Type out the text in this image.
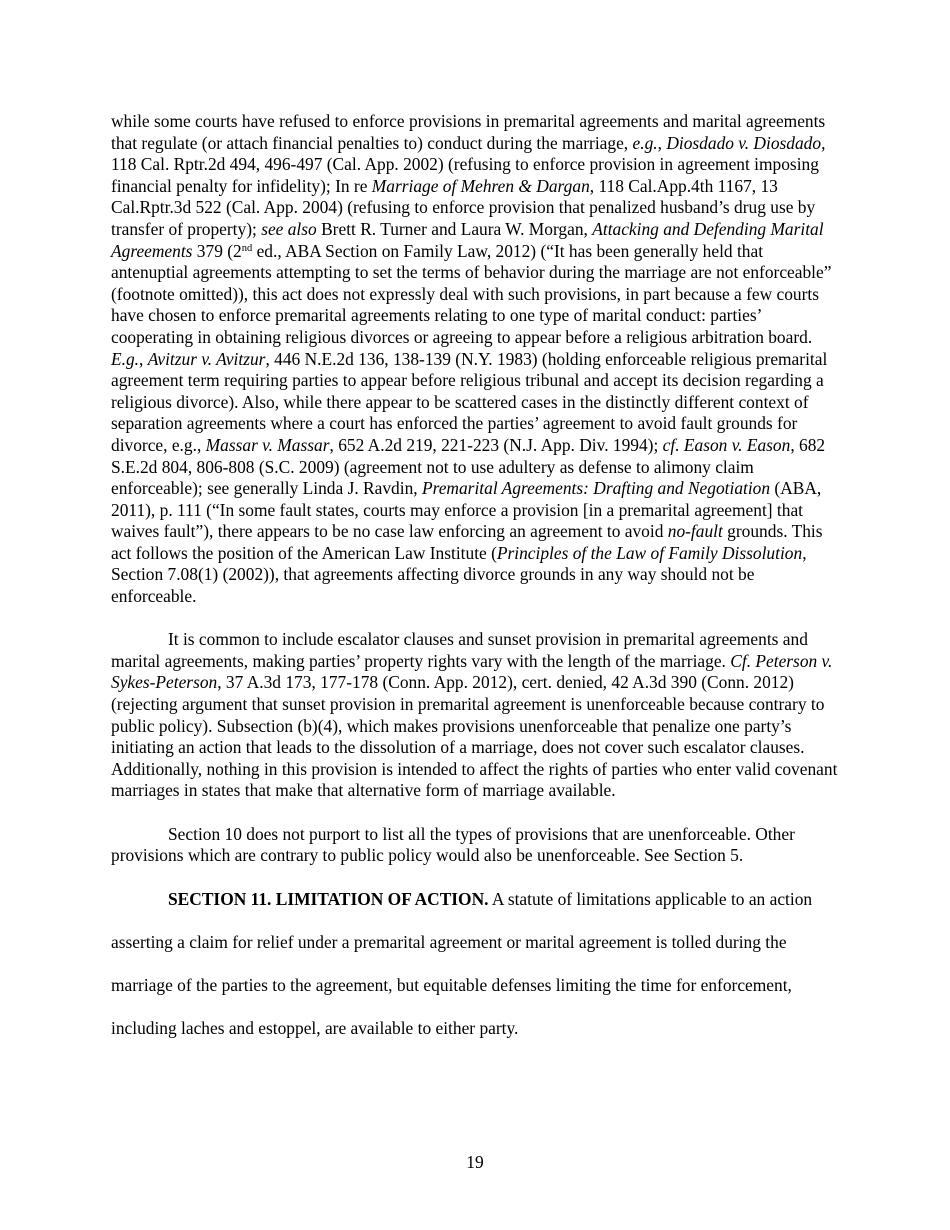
while some courts have refused to enforce provisions in premarital agreements and marital agreements that regulate (or attach financial penalties to) conduct during the marriage, e.g., Diosdado v. Diosdado, 118 Cal. Rptr.2d 494, 496-497 (Cal. App. 2002) (refusing to enforce provision in agreement imposing financial penalty for infidelity); In re Marriage of Mehren & Dargan, 118 Cal.App.4th 1167, 13 Cal.Rptr.3d 522 (Cal. App. 2004) (refusing to enforce provision that penalized husband’s drug use by transfer of property); see also Brett R. Turner and Laura W. Morgan, Attacking and Defending Marital Agreements 379 (2nd ed., ABA Section on Family Law, 2012) (“It has been generally held that antenuptial agreements attempting to set the terms of behavior during the marriage are not enforceable” (footnote omitted)), this act does not expressly deal with such provisions, in part because a few courts have chosen to enforce premarital agreements relating to one type of marital conduct: parties’ cooperating in obtaining religious divorces or agreeing to appear before a religious arbitration board. E.g., Avitzur v. Avitzur, 446 N.E.2d 136, 138-139 (N.Y. 1983) (holding enforceable religious premarital agreement term requiring parties to appear before religious tribunal and accept its decision regarding a religious divorce). Also, while there appear to be scattered cases in the distinctly different context of separation agreements where a court has enforced the parties’ agreement to avoid fault grounds for divorce, e.g., Massar v. Massar, 652 A.2d 219, 221-223 (N.J. App. Div. 1994); cf. Eason v. Eason, 682 S.E.2d 804, 806-808 (S.C. 2009) (agreement not to use adultery as defense to alimony claim enforceable); see generally Linda J. Ravdin, Premarital Agreements: Drafting and Negotiation (ABA, 2011), p. 111 (“In some fault states, courts may enforce a provision [in a premarital agreement] that waives fault”), there appears to be no case law enforcing an agreement to avoid no-fault grounds. This act follows the position of the American Law Institute (Principles of the Law of Family Dissolution, Section 7.08(1) (2002)), that agreements affecting divorce grounds in any way should not be enforceable.

It is common to include escalator clauses and sunset provision in premarital agreements and marital agreements, making parties’ property rights vary with the length of the marriage. Cf. Peterson v. Sykes-Peterson, 37 A.3d 173, 177-178 (Conn. App. 2012), cert. denied, 42 A.3d 390 (Conn. 2012) (rejecting argument that sunset provision in premarital agreement is unenforceable because contrary to public policy). Subsection (b)(4), which makes provisions unenforceable that penalize one party’s initiating an action that leads to the dissolution of a marriage, does not cover such escalator clauses. Additionally, nothing in this provision is intended to affect the rights of parties who enter valid covenant marriages in states that make that alternative form of marriage available.

Section 10 does not purport to list all the types of provisions that are unenforceable. Other provisions which are contrary to public policy would also be unenforceable. See Section 5.

SECTION 11. LIMITATION OF ACTION. A statute of limitations applicable to an action asserting a claim for relief under a premarital agreement or marital agreement is tolled during the marriage of the parties to the agreement, but equitable defenses limiting the time for enforcement, including laches and estoppel, are available to either party.

19
